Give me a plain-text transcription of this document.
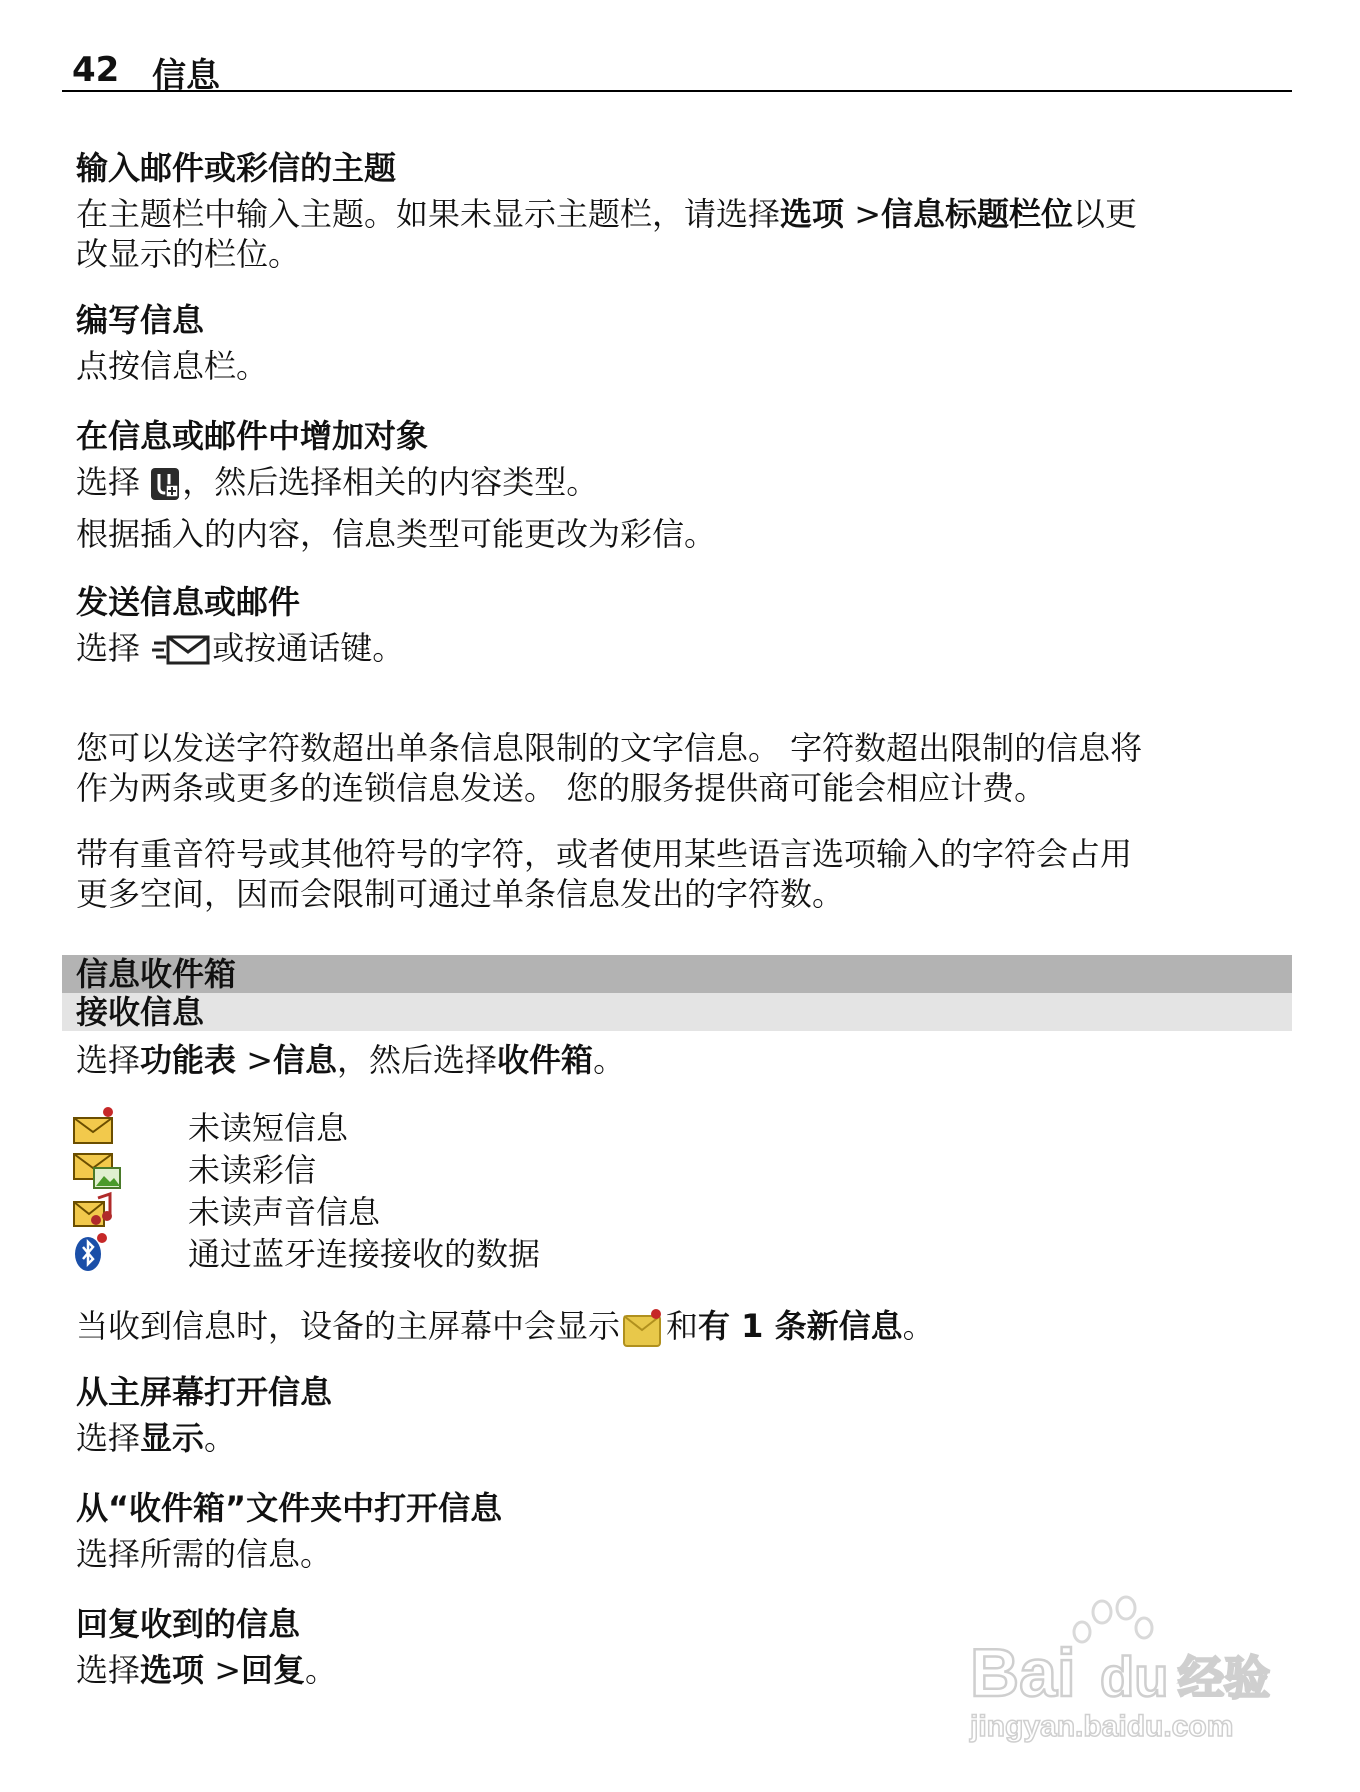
42 信息
输入邮件或彩信的主题
在主题栏中输入主题。如果未显示主题栏，请选择选项 >信息标题栏位以更
改显示的栏位。
编写信息
点按信息栏。
在信息或邮件中增加对象
选择 ，然后选择相关的内容类型。
根据插入的内容，信息类型可能更改为彩信。
发送信息或邮件
选择 或按通话键。
您可以发送字符数超出单条信息限制的文字信息。 字符数超出限制的信息将
作为两条或更多的连锁信息发送。 您的服务提供商可能会相应计费。
带有重音符号或其他符号的字符，或者使用某些语言选项输入的字符会占用
更多空间，因而会限制可通过单条信息发出的字符数。
信息收件箱
接收信息
选择功能表 >信息，然后选择收件箱。
未读短信息
未读彩信
未读声音信息
通过蓝牙连接接收的数据
当收到信息时，设备的主屏幕中会显示 和有 1 条新信息。
从主屏幕打开信息
选择显示。
从“收件箱”文件夹中打开信息
选择所需的信息。
回复收到的信息
选择选项 >回复。	Bai du 经验
jingyan.baidu.com
